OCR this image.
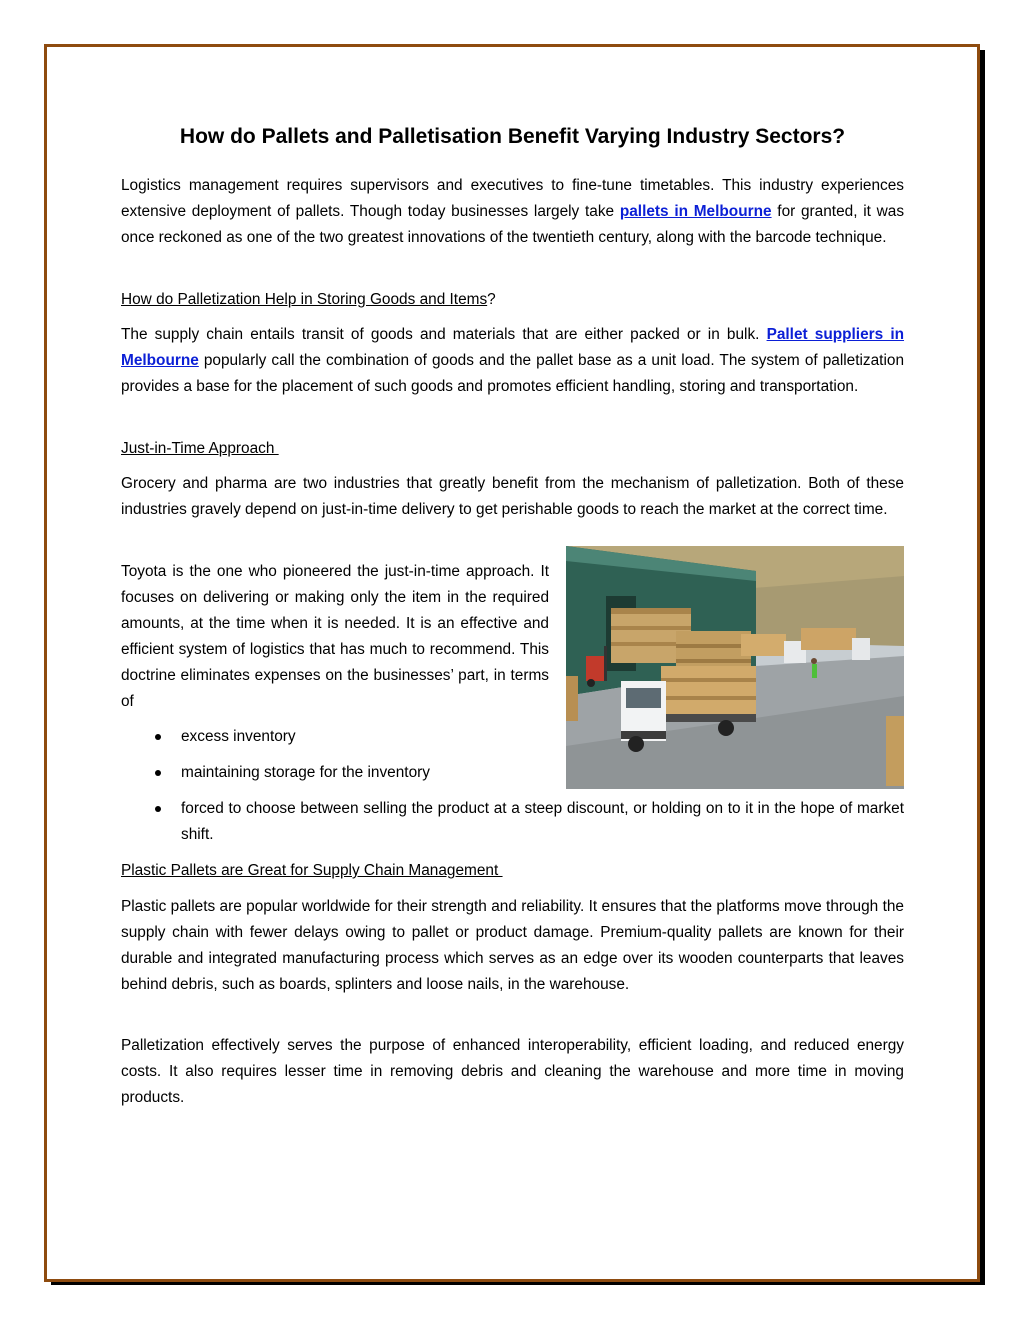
How do Pallets and Palletisation Benefit Varying Industry Sectors?

Logistics management requires supervisors and executives to fine-tune timetables. This industry experiences extensive deployment of pallets. Though today businesses largely take pallets in Melbourne for granted, it was once reckoned as one of the two greatest innovations of the twentieth century, along with the barcode technique.

How do Palletization Help in Storing Goods and Items?

The supply chain entails transit of goods and materials that are either packed or in bulk. Pallet suppliers in Melbourne popularly call the combination of goods and the pallet base as a unit load. The system of palletization provides a base for the placement of such goods and promotes efficient handling, storing and transportation.

Just-in-Time Approach

Grocery and pharma are two industries that greatly benefit from the mechanism of palletization. Both of these industries gravely depend on just-in-time delivery to get perishable goods to reach the market at the correct time.

Toyota is the one who pioneered the just-in-time approach. It focuses on delivering or making only the item in the required amounts, at the time when it is needed. It is an effective and efficient system of logistics that has much to recommend. This doctrine eliminates expenses on the businesses’ part, in terms of

excess inventory
maintaining storage for the inventory
forced to choose between selling the product at a steep discount, or holding on to it in the hope of market shift.

Plastic Pallets are Great for Supply Chain Management

Plastic pallets are popular worldwide for their strength and reliability. It ensures that the platforms move through the supply chain with fewer delays owing to pallet or product damage. Premium-quality pallets are known for their durable and integrated manufacturing process which serves as an edge over its wooden counterparts that leaves behind debris, such as boards, splinters and loose nails, in the warehouse.

Palletization effectively serves the purpose of enhanced interoperability, efficient loading, and reduced energy costs. It also requires lesser time in removing debris and cleaning the warehouse and more time in moving products.
